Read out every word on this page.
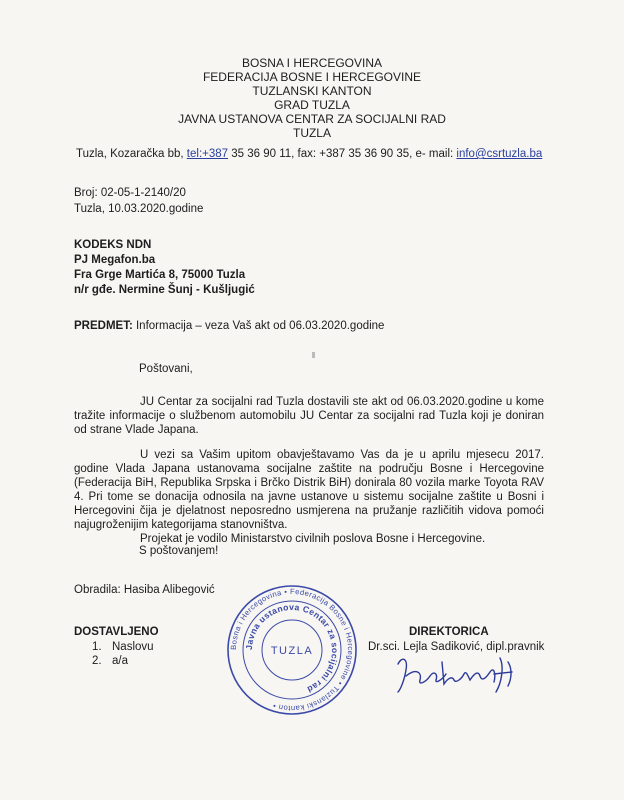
BOSNA I HERCEGOVINA
FEDERACIJA BOSNE I HERCEGOVINE
TUZLANSKI KANTON
GRAD TUZLA
JAVNA USTANOVA CENTAR ZA SOCIJALNI RAD
TUZLA
Tuzla, Kozaračka bb, tel:+387 35 36 90 11, fax: +387 35 36 90 35, e- mail: info@csrtuzla.ba
Broj: 02-05-1-2140/20
Tuzla, 10.03.2020.godine
KODEKS NDN
PJ Megafon.ba
Fra Grge Martića 8, 75000 Tuzla
n/r gđe. Nermine Šunj - Kušljugić
PREDMET: Informacija – veza Vaš akt od 06.03.2020.godine
Poštovani,

JU Centar za socijalni rad Tuzla dostavili ste akt od 06.03.2020.godine u kome tražite informacije o službenom automobilu JU Centar za socijalni rad Tuzla koji je doniran od strane Vlade Japana.

U vezi sa Vašim upitom obavještavamo Vas da je u aprilu mjesecu 2017. godine Vlada Japana ustanovama socijalne zaštite na području Bosne i Hercegovine (Federacija BiH, Republika Srpska i Brčko Distrik BiH) donirala 80 vozila marke Toyota RAV 4. Pri tome se donacija odnosila na javne ustanove u sistemu socijalne zaštite u Bosni i Hercegovini čija je djelatnost neposredno usmjerena na pružanje različitih vidova pomoći najugroženijim kategorijama stanovništva.

Projekat je vodilo Ministarstvo civilnih poslova Bosne i Hercegovine.

S poštovanjem!
Obradila: Hasiba Alibegović
DOSTAVLJENO
1. Naslovu
2. a/a
DIREKTORICA
Dr.sci. Lejla Sadiković, dipl.pravnik
Bosna i Hercegovina • Federacija Bosne i Hercegovine • Tuzlanski kanton •
Javna ustanova Centar za socijalni rad
TUZLA
